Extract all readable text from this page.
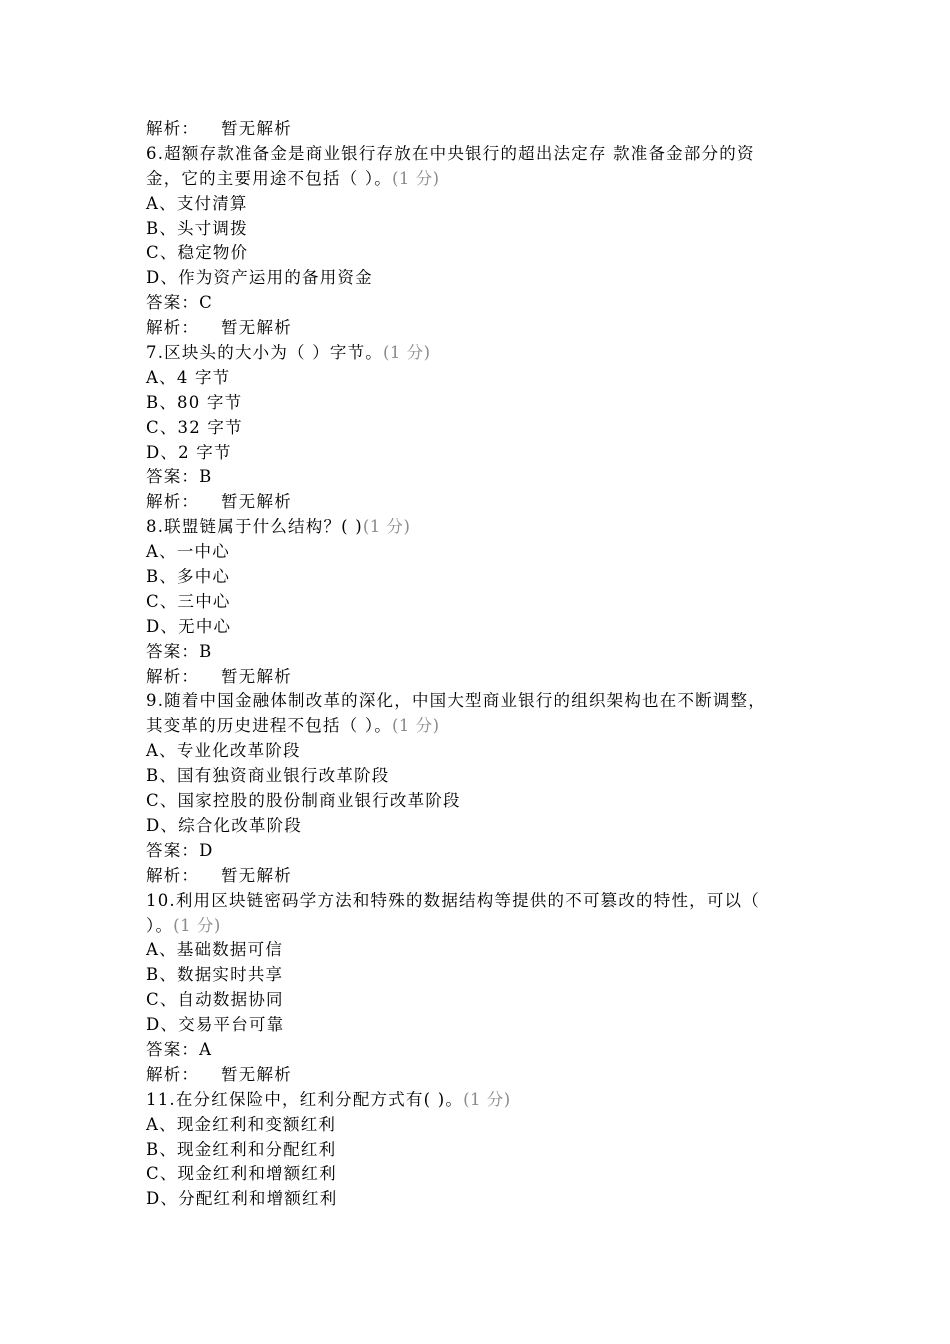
解析： 暂无解析
6.超额存款准备金是商业银行存放在中央银行的超出法定存 款准备金部分的资
金，它的主要用途不包括（ ）。(1 分)
A、支付清算
B、头寸调拨
C、稳定物价
D、作为资产运用的备用资金
答案：C
解析： 暂无解析
7.区块头的大小为（ ）字节。(1 分)
A、4 字节
B、80 字节
C、32 字节
D、2 字节
答案：B
解析： 暂无解析
8.联盟链属于什么结构？( )(1 分)
A、一中心
B、多中心
C、三中心
D、无中心
答案：B
解析： 暂无解析
9.随着中国金融体制改革的深化，中国大型商业银行的组织架构也在不断调整，
其变革的历史进程不包括（ ）。(1 分)
A、专业化改革阶段
B、国有独资商业银行改革阶段
C、国家控股的股份制商业银行改革阶段
D、综合化改革阶段
答案：D
解析： 暂无解析
10.利用区块链密码学方法和特殊的数据结构等提供的不可篡改的特性，可以（
）。(1 分)
A、基础数据可信
B、数据实时共享
C、自动数据协同
D、交易平台可靠
答案：A
解析： 暂无解析
11.在分红保险中，红利分配方式有( )。(1 分)
A、现金红利和变额红利
B、现金红利和分配红利
C、现金红利和增额红利
D、分配红利和增额红利
